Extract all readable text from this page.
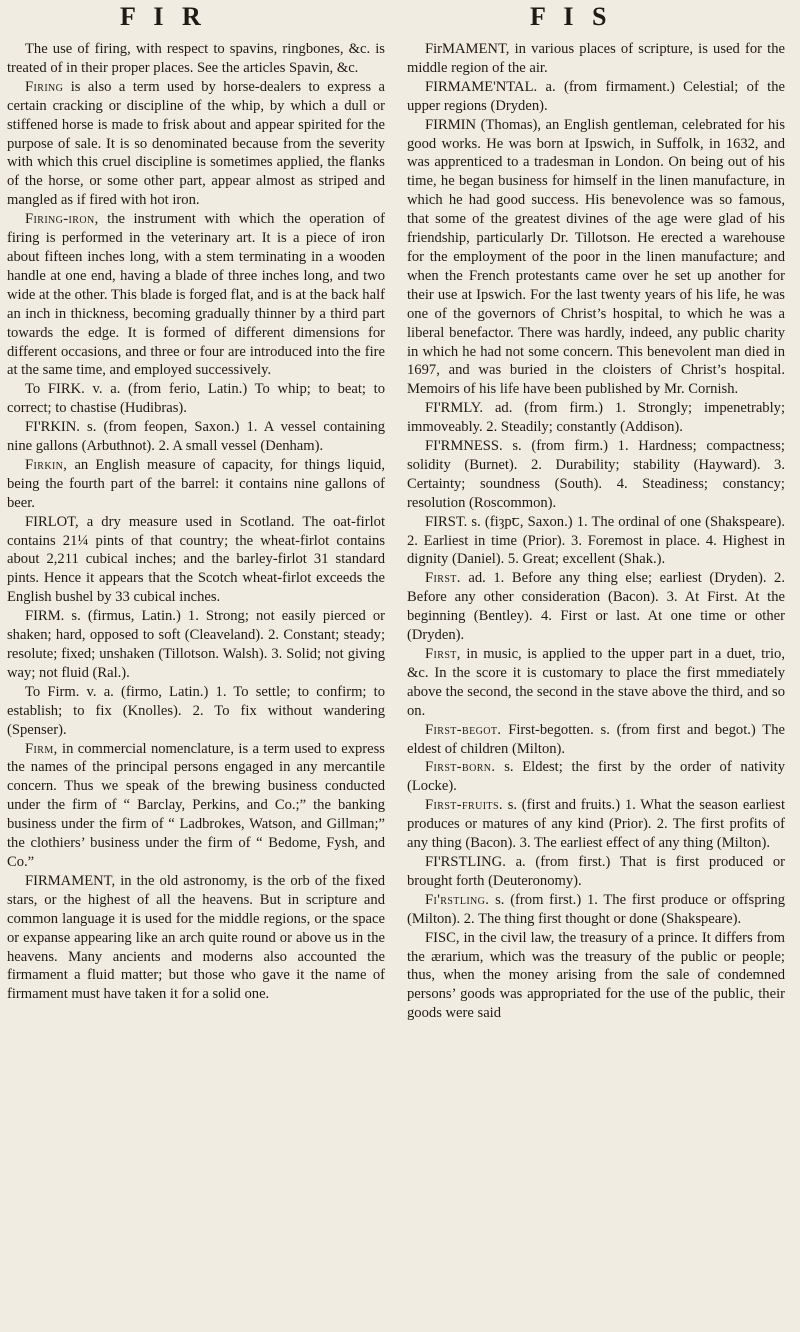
F I R	F I S

The use of firing, with respect to spavins, ringbones, &c. is treated of in their proper places. See the articles Spavin, &c.

Firing is also a term used by horse-dealers to express a certain cracking or discipline of the whip, by which a dull or stiffened horse is made to frisk about and appear spirited for the purpose of sale. It is so denominated because from the severity with which this cruel discipline is sometimes applied, the flanks of the horse, or some other part, appear almost as striped and mangled as if fired with hot iron.

Firing-iron, the instrument with which the operation of firing is performed in the veterinary art. It is a piece of iron about fifteen inches long, with a stem terminating in a wooden handle at one end, having a blade of three inches long, and two wide at the other. This blade is forged flat, and is at the back half an inch in thickness, becoming gradually thinner by a third part towards the edge. It is formed of different dimensions for different occasions, and three or four are introduced into the fire at the same time, and employed successively.

To FIRK. v. a. (from ferio, Latin.) To whip; to beat; to correct; to chastise (Hudibras).

FI'RKIN. s. (from feopen, Saxon.) 1. A vessel containing nine gallons (Arbuthnot). 2. A small vessel (Denham).

Firkin, an English measure of capacity, for things liquid, being the fourth part of the barrel: it contains nine gallons of beer.

FIRLOT, a dry measure used in Scotland. The oat-firlot contains 21¼ pints of that country; the wheat-firlot contains about 2,211 cubical inches; and the barley-firlot 31 standard pints. Hence it appears that the Scotch wheat-firlot exceeds the English bushel by 33 cubical inches.

FIRM. s. (firmus, Latin.) 1. Strong; not easily pierced or shaken; hard, opposed to soft (Cleaveland). 2. Constant; steady; resolute; fixed; unshaken (Tillotson. Walsh). 3. Solid; not giving way; not fluid (Ral.).

To Firm. v. a. (firmo, Latin.) 1. To settle; to confirm; to establish; to fix (Knolles). 2. To fix without wandering (Spenser).

Firm, in commercial nomenclature, is a term used to express the names of the principal persons engaged in any mercantile concern. Thus we speak of the brewing business conducted under the firm of “ Barclay, Perkins, and Co.;” the banking business under the firm of “ Ladbrokes, Watson, and Gillman;” the clothiers’ business under the firm of “ Bedome, Fysh, and Co.”

FIRMAMENT, in the old astronomy, is the orb of the fixed stars, or the highest of all the heavens. But in scripture and common language it is used for the middle regions, or the space or expanse appearing like an arch quite round or above us in the heavens. Many ancients and moderns also accounted the firmament a fluid matter; but those who gave it the name of firmament must have taken it for a solid one.

FirMAMENT, in various places of scripture, is used for the middle region of the air.

FIRMAME'NTAL. a. (from firmament.) Celestial; of the upper regions (Dryden).

FIRMIN (Thomas), an English gentleman, celebrated for his good works. He was born at Ipswich, in Suffolk, in 1632, and was apprenticed to a tradesman in London. On being out of his time, he began business for himself in the linen manufacture, in which he had good success. His benevolence was so famous, that some of the greatest divines of the age were glad of his friendship, particularly Dr. Tillotson. He erected a warehouse for the employment of the poor in the linen manufacture; and when the French protestants came over he set up another for their use at Ipswich. For the last twenty years of his life, he was one of the governors of Christ’s hospital, to which he was a liberal benefactor. There was hardly, indeed, any public charity in which he had not some concern. This benevolent man died in 1697, and was buried in the cloisters of Christ’s hospital. Memoirs of his life have been published by Mr. Cornish.

FI'RMLY. ad. (from firm.) 1. Strongly; impenetrably; immoveably. 2. Steadily; constantly (Addison).

FI'RMNESS. s. (from firm.) 1. Hardness; compactness; solidity (Burnet). 2. Durability; stability (Hayward). 3. Certainty; soundness (South). 4. Steadiness; constancy; resolution (Roscommon).

FIRST. s. (fiȝpꞇ, Saxon.) 1. The ordinal of one (Shakspeare). 2. Earliest in time (Prior). 3. Foremost in place. 4. Highest in dignity (Daniel). 5. Great; excellent (Shak.).

First. ad. 1. Before any thing else; earliest (Dryden). 2. Before any other consideration (Bacon). 3. At First. At the beginning (Bentley). 4. First or last. At one time or other (Dryden).

First, in music, is applied to the upper part in a duet, trio, &c. In the score it is customary to place the first mmediately above the second, the second in the stave above the third, and so on.

First-begot. First-begotten. s. (from first and begot.) The eldest of children (Milton).

First-born. s. Eldest; the first by the order of nativity (Locke).

First-fruits. s. (first and fruits.) 1. What the season earliest produces or matures of any kind (Prior). 2. The first profits of any thing (Bacon). 3. The earliest effect of any thing (Milton).

FI'RSTLING. a. (from first.) That is first produced or brought forth (Deuteronomy).

Fi'rstling. s. (from first.) 1. The first produce or offspring (Milton). 2. The thing first thought or done (Shakspeare).

FISC, in the civil law, the treasury of a prince. It differs from the ærarium, which was the treasury of the public or people; thus, when the money arising from the sale of condemned persons’ goods was appropriated for the use of the public, their goods were said
